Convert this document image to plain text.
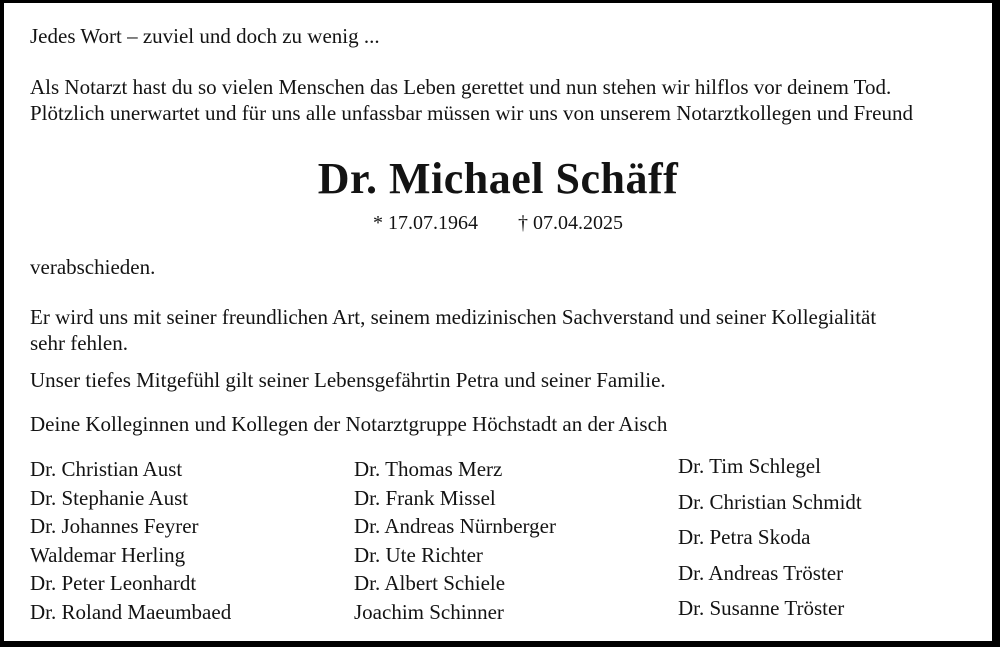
Jedes Wort – zuviel und doch zu wenig ...
Als Notarzt hast du so vielen Menschen das Leben gerettet und nun stehen wir hilflos vor deinem Tod.
Plötzlich unerwartet und für uns alle unfassbar müssen wir uns von unserem Notarztkollegen und Freund
Dr. Michael Schäff
* 17.07.1964 † 07.04.2025
verabschieden.
Er wird uns mit seiner freundlichen Art, seinem medizinischen Sachverstand und seiner Kollegialität
sehr fehlen.
Unser tiefes Mitgefühl gilt seiner Lebensgefährtin Petra und seiner Familie.
Deine Kolleginnen und Kollegen der Notarztgruppe Höchstadt an der Aisch
Dr. Christian Aust
Dr. Stephanie Aust
Dr. Johannes Feyrer
Waldemar Herling
Dr. Peter Leonhardt
Dr. Roland Maeumbaed
Dr. Thomas Merz
Dr. Frank Missel
Dr. Andreas Nürnberger
Dr. Ute Richter
Dr. Albert Schiele
Joachim Schinner
Dr. Tim Schlegel
Dr. Christian Schmidt
Dr. Petra Skoda
Dr. Andreas Tröster
Dr. Susanne Tröster
